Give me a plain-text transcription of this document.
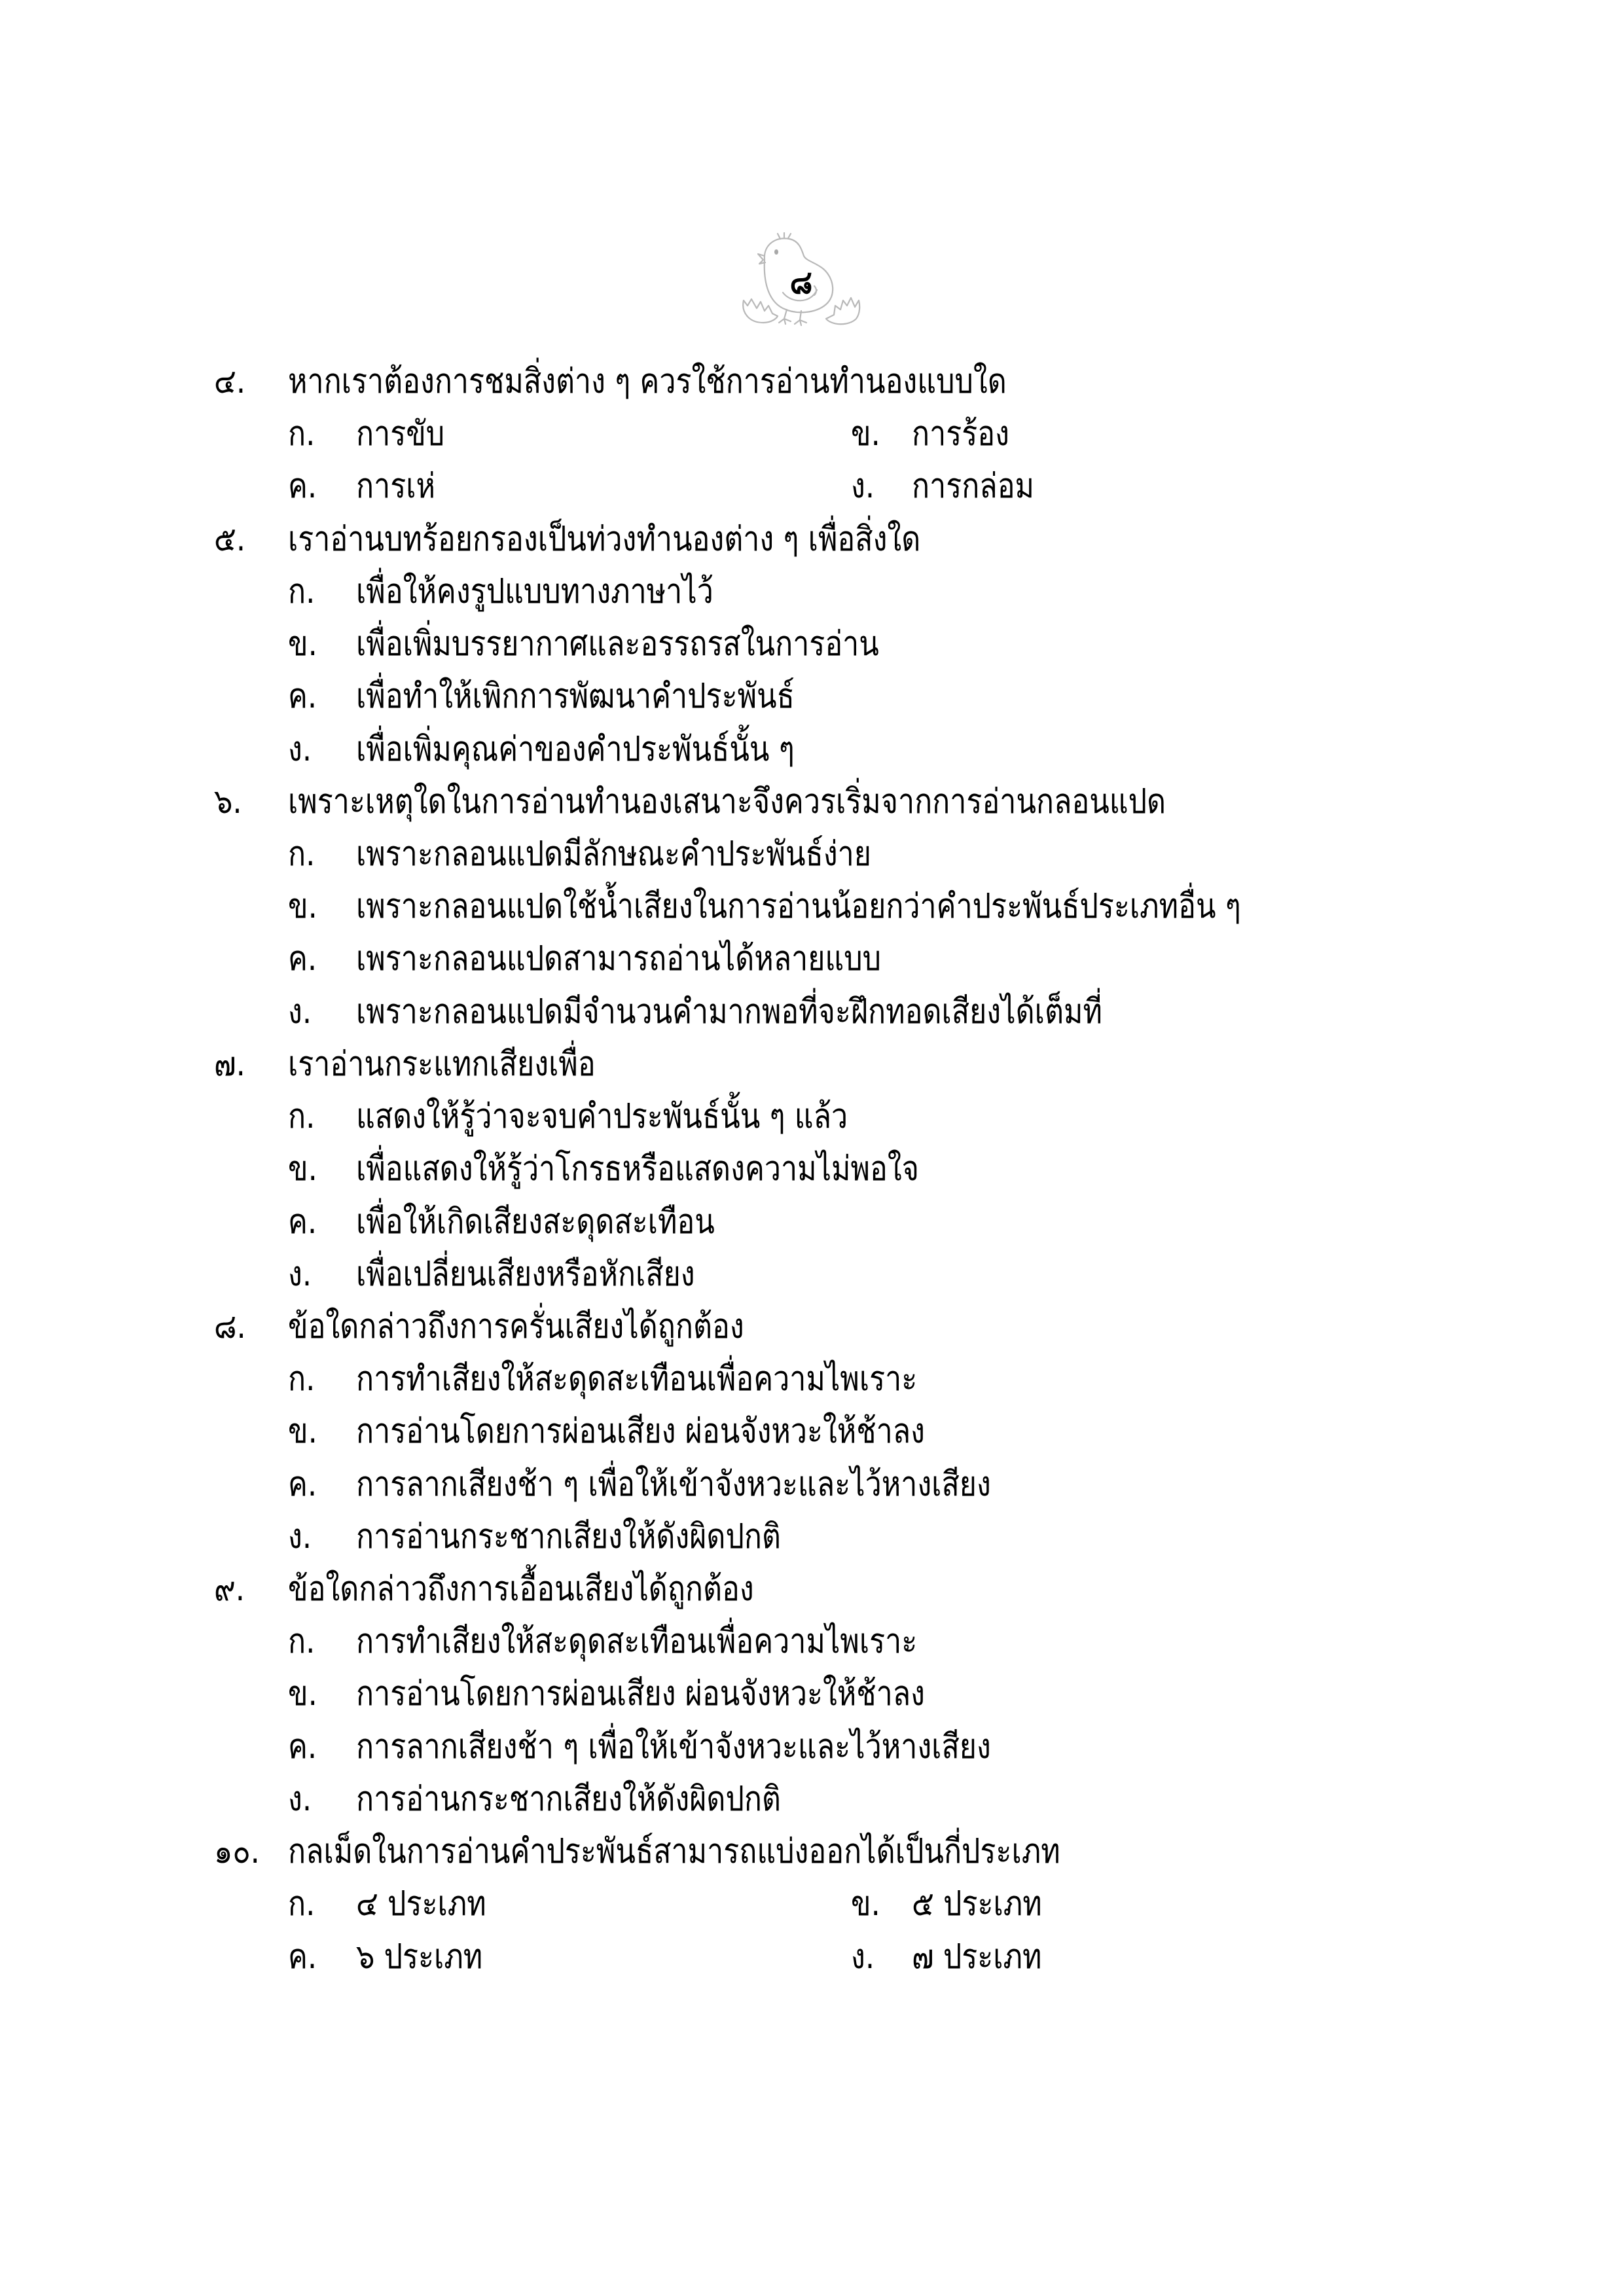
๘
๔. หากเราต้องการชมสิ่งต่าง ๆ ควรใช้การอ่านทำนองแบบใด
ก. การขับ	ข. การร้อง
ค. การเห่	ง. การกล่อม
๕. เราอ่านบทร้อยกรองเป็นท่วงทำนองต่าง ๆ เพื่อสิ่งใด
ก. เพื่อให้คงรูปแบบทางภาษาไว้
ข. เพื่อเพิ่มบรรยากาศและอรรถรสในการอ่าน
ค. เพื่อทำให้เพิกการพัฒนาคำประพันธ์
ง. เพื่อเพิ่มคุณค่าของคำประพันธ์นั้น ๆ
๖. เพราะเหตุใดในการอ่านทำนองเสนาะจึงควรเริ่มจากการอ่านกลอนแปด
ก. เพราะกลอนแปดมีลักษณะคำประพันธ์ง่าย
ข. เพราะกลอนแปดใช้น้ำเสียงในการอ่านน้อยกว่าคำประพันธ์ประเภทอื่น ๆ
ค. เพราะกลอนแปดสามารถอ่านได้หลายแบบ
ง. เพราะกลอนแปดมีจำนวนคำมากพอที่จะฝึกทอดเสียงได้เต็มที่
๗. เราอ่านกระแทกเสียงเพื่อ
ก. แสดงให้รู้ว่าจะจบคำประพันธ์นั้น ๆ แล้ว
ข. เพื่อแสดงให้รู้ว่าโกรธหรือแสดงความไม่พอใจ
ค. เพื่อให้เกิดเสียงสะดุดสะเทือน
ง. เพื่อเปลี่ยนเสียงหรือหักเสียง
๘. ข้อใดกล่าวถึงการครั่นเสียงได้ถูกต้อง
ก. การทำเสียงให้สะดุดสะเทือนเพื่อความไพเราะ
ข. การอ่านโดยการผ่อนเสียง ผ่อนจังหวะให้ช้าลง
ค. การลากเสียงช้า ๆ เพื่อให้เข้าจังหวะและไว้หางเสียง
ง. การอ่านกระชากเสียงให้ดังผิดปกติ
๙. ข้อใดกล่าวถึงการเอื้อนเสียงได้ถูกต้อง
ก. การทำเสียงให้สะดุดสะเทือนเพื่อความไพเราะ
ข. การอ่านโดยการผ่อนเสียง ผ่อนจังหวะให้ช้าลง
ค. การลากเสียงช้า ๆ เพื่อให้เข้าจังหวะและไว้หางเสียง
ง. การอ่านกระชากเสียงให้ดังผิดปกติ
๑๐. กลเม็ดในการอ่านคำประพันธ์สามารถแบ่งออกได้เป็นกี่ประเภท
ก. ๔ ประเภท	ข. ๕ ประเภท
ค. ๖ ประเภท	ง. ๗ ประเภท
